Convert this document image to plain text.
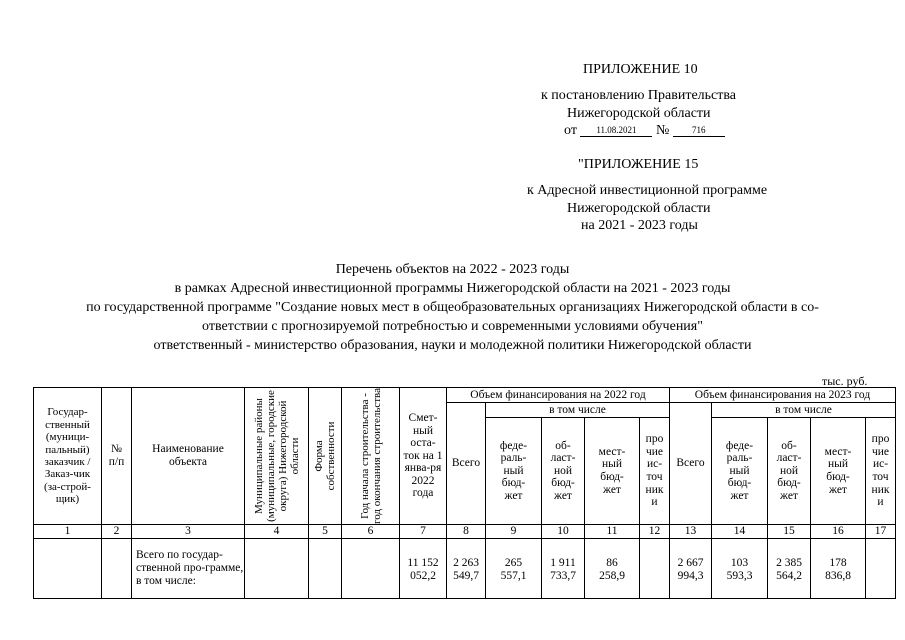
ПРИЛОЖЕНИЕ 10
к постановлению Правительства
Нижегородской области
от 11.08.2021 №	716
"ПРИЛОЖЕНИЕ 15
к Адресной инвестиционной программе
Нижегородской области
на 2021 - 2023 годы
Перечень объектов на 2022 - 2023 годы
в рамках Адресной инвестиционной программы Нижегородской области на 2021 - 2023 годы
по государственной программе "Создание новых мест в общеобразовательных организациях Нижегородской области в со-
ответствии с прогнозируемой потребностью и современными условиями обучения"
ответственный - министерство образования, науки и молодежной политики Нижегородской области
тыс. руб.
Государ-ственный (муници-пальный) заказчик / Заказ-чик (за-строй-щик)	№ п/п	Наименование объекта	Муниципальные районы (муниципальные, городские округа) Нижегородской области	Форма собственности	Год начала строительства - год окончания строительства	Смет-ный оста-ток на 1 янва-ря 2022 года	Объем финансирования на 2022 год					Объем финансирования на 2023 год				
							Всего	в том числе				Всего	в том числе			
								феде-раль-ный бюд-жет	об-ласт-ной бюд-жет	мест-ный бюд-жет	про чие ис-точ ник и		феде-раль-ный бюд-жет	об-ласт-ной бюд-жет	мест-ный бюд-жет	про чие ис-точ ник и
1	2	3	4	5	6	7	8	9	10	11	12	13	14	15	16	17
		Всего по государ-ственной про-грамме, в том числе:				11 152 052,2	2 263 549,7	265 557,1	1 911 733,7	86 258,9		2 667 994,3	103 593,3	2 385 564,2	178 836,8	
